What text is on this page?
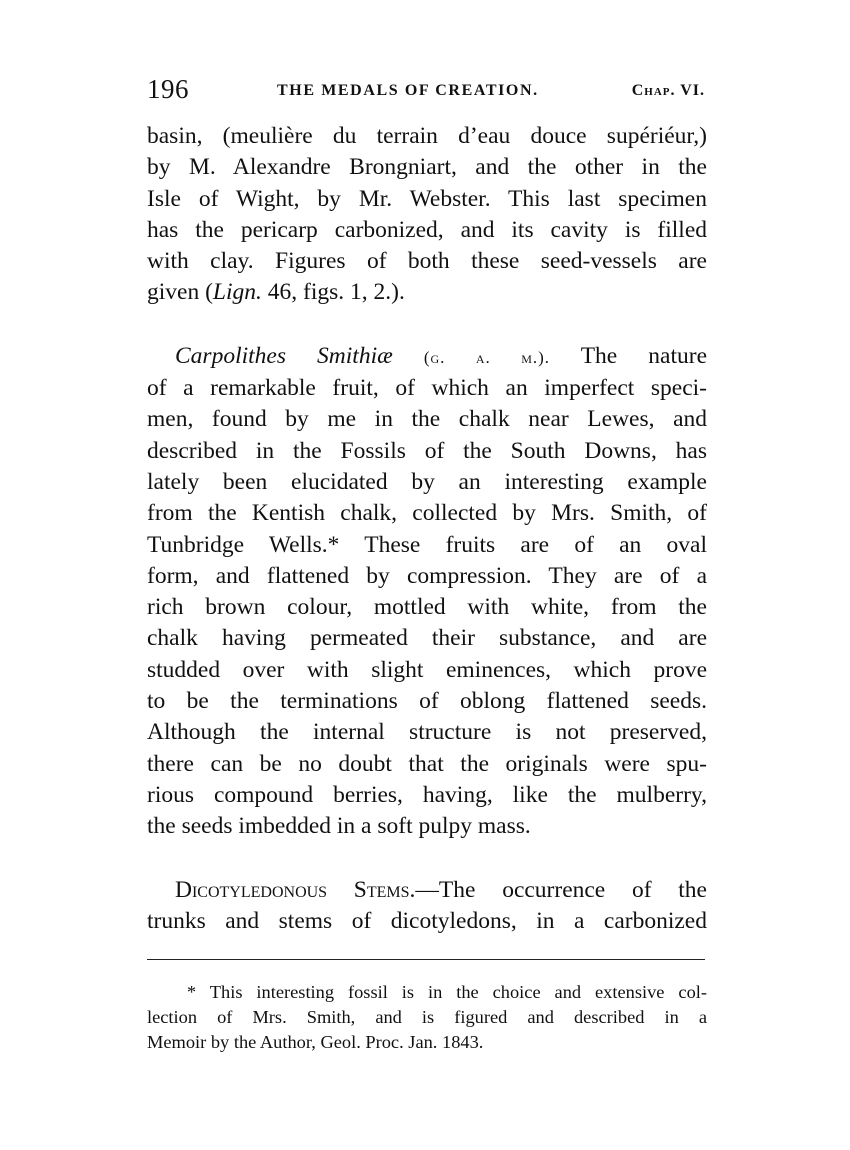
196	THE MEDALS OF CREATION.	Chap. VI.

basin, (meulière du terrain d’eau douce supériéur,)
by M. Alexandre Brongniart, and the other in the
Isle of Wight, by Mr. Webster. This last specimen
has the pericarp carbonized, and its cavity is filled
with clay. Figures of both these seed-vessels are
given (Lign. 46, figs. 1, 2.).

Carpolithes Smithiæ (g. a. m.). The nature
of a remarkable fruit, of which an imperfect speci-
men, found by me in the chalk near Lewes, and
described in the Fossils of the South Downs, has
lately been elucidated by an interesting example
from the Kentish chalk, collected by Mrs. Smith, of
Tunbridge Wells.* These fruits are of an oval
form, and flattened by compression. They are of a
rich brown colour, mottled with white, from the
chalk having permeated their substance, and are
studded over with slight eminences, which prove
to be the terminations of oblong flattened seeds.
Although the internal structure is not preserved,
there can be no doubt that the originals were spu-
rious compound berries, having, like the mulberry,
the seeds imbedded in a soft pulpy mass.

Dicotyledonous Stems.—The occurrence of the
trunks and stems of dicotyledons, in a carbonized

* This interesting fossil is in the choice and extensive col-
lection of Mrs. Smith, and is figured and described in a
Memoir by the Author, Geol. Proc. Jan. 1843.
